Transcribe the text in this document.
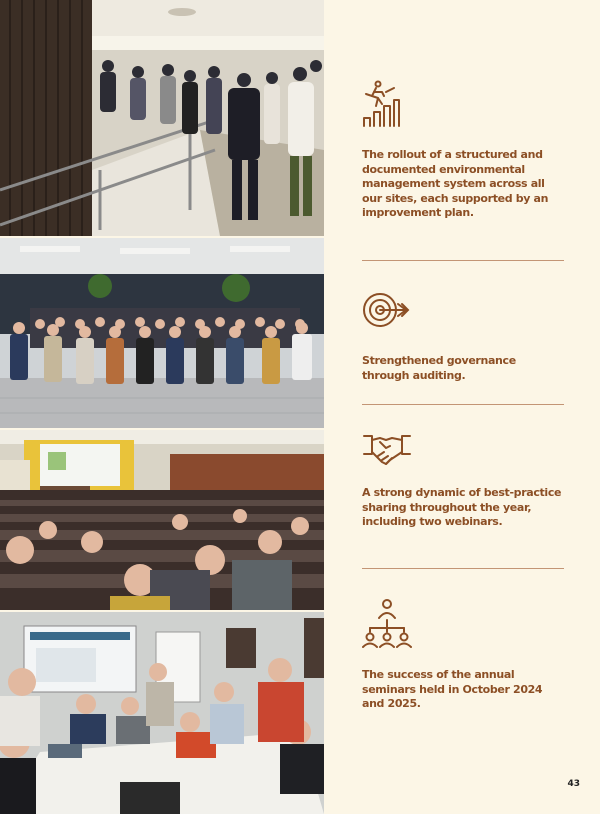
The rollout of a structured and documented environmental management system across all our sites, each supported by an improvement plan.
Strengthened governance through auditing.
A strong dynamic of best-practice sharing throughout the year, including two webinars.
The success of the annual seminars held in October 2024 and 2025.
43
